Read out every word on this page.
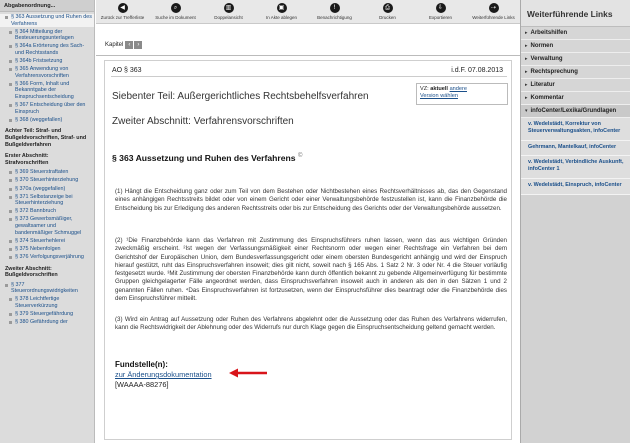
Abgabenordnung...
§ 363 Aussetzung und Ruhen des Verfahrens
§ 364 Mitteilung der Besteuerungsunterlagen
§ 364a Erörterung des Sach- und Rechtsstands
§ 364b Fristsetzung
§ 365 Anwendung von Verfahrensvorschriften
§ 366 Form, Inhalt und Bekanntgabe der Einspruchsentscheidung
§ 367 Entscheidung über den Einspruch
§ 368 (weggefallen)
Achter Teil: Straf- und Bußgeldvorschriften, Straf- und Bußgeldverfahren
Erster Abschnitt: Strafvorschriften
§ 369 Steuerstraftaten
§ 370 Steuerhinterziehung
§ 370a (weggefallen)
§ 371 Selbstanzeige bei Steuerhinterziehung
§ 372 Bannbruch
§ 373 Gewerbsmäßiger, gewaltsamer und bandenmäßiger Schmuggel
§ 374 Steuerhehlerei
§ 375 Nebenfolgen
§ 376 Verfolgungsverjährung
Zweiter Abschnitt: Bußgeldvorschriften
§ 377 Steuerordnungswidrigkeiten
§ 378 Leichtfertige Steuerverkürzung
§ 379 Steuergefährdung
§ 380 Gefährdung der
◀
Zurück zur Trefferliste
⌕
Suche im Dokument
▥
Doppelansicht
▣
In Akte ablegen
!
Benachrichtigung
⎙
Drucken
⇩
Exportieren
⇢
Weiterführende Links
Kapitel ‹	›
AO § 363	i.d.F. 07.08.2013
VZ: aktuell andere
Version wählen
Siebenter Teil: Außergerichtliches Rechtsbehelfsverfahren
Zweiter Abschnitt: Verfahrensvorschriften
§ 363 Aussetzung und Ruhen des Verfahrens ©
(1) Hängt die Entscheidung ganz oder zum Teil von dem Bestehen oder Nichtbestehen eines Rechtsverhältnisses ab, das den Gegenstand eines anhängigen Rechtsstreits bildet oder von einem Gericht oder einer Verwaltungsbehörde festzustellen ist, kann die Finanzbehörde die Entscheidung bis zur Erledigung des anderen Rechtsstreits oder bis zur Entscheidung des Gerichts oder der Verwaltungsbehörde aussetzen.
(2) ¹Die Finanzbehörde kann das Verfahren mit Zustimmung des Einspruchsführers ruhen lassen, wenn das aus wichtigen Gründen zweckmäßig erscheint. ²Ist wegen der Verfassungsmäßigkeit einer Rechtsnorm oder wegen einer Rechtsfrage ein Verfahren bei dem Gerichtshof der Europäischen Union, dem Bundesverfassungsgericht oder einem obersten Bundesgericht anhängig und wird der Einspruch hierauf gestützt, ruht das Einspruchsverfahren insoweit; dies gilt nicht, soweit nach § 165 Abs. 1 Satz 2 Nr. 3 oder Nr. 4 die Steuer vorläufig festgesetzt wurde. ³Mit Zustimmung der obersten Finanzbehörde kann durch öffentlich bekannt zu gebende Allgemeinverfügung für bestimmte Gruppen gleichgelagerter Fälle angeordnet werden, dass Einspruchsverfahren insoweit auch in anderen als den in den Sätzen 1 und 2 genannten Fällen ruhen. ⁴Das Einspruchsverfahren ist fortzusetzen, wenn der Einspruchsführer dies beantragt oder die Finanzbehörde dies dem Einspruchsführer mitteilt.
(3) Wird ein Antrag auf Aussetzung oder Ruhen des Verfahrens abgelehnt oder die Aussetzung oder das Ruhen des Verfahrens widerrufen, kann die Rechtswidrigkeit der Ablehnung oder des Widerrufs nur durch Klage gegen die Einspruchsentscheidung geltend gemacht werden.
Fundstelle(n):
zur Änderungsdokumentation
[WAAAA-88276]
Weiterführende Links
▸ Arbeitshilfen
▸ Normen
▸ Verwaltung
▸ Rechtsprechung
▸ Literatur
▸ Kommentar
▾ infoCenter/Lexika/Grundlagen
v. Wedelstädt, Korrektur von Steuerverwaltungsakten, infoCenter
Gehrmann, Mantelkauf, infoCenter
v. Wedelstädt, Verbindliche Auskunft, infoCenter 1
v. Wedelstädt, Einspruch, infoCenter
